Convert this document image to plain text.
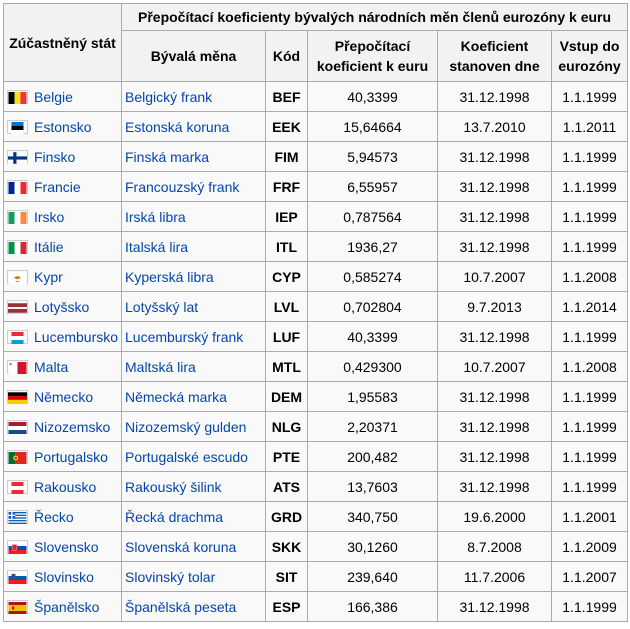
Zúčastněný stát	Přepočítací koeficienty bývalých národních měn členů eurozóny k euru				
	Bývalá měna	Kód	Přepočítací koeficient k euru	Koeficient stanoven dne	Vstup do eurozóny
Belgie	Belgický frank	BEF	40,3399	31.12.1998	1.1.1999
Estonsko	Estonská koruna	EEK	15,64664	13.7.2010	1.1.2011
Finsko	Finská marka	FIM	5,94573	31.12.1998	1.1.1999
Francie	Francouzský frank	FRF	6,55957	31.12.1998	1.1.1999
Irsko	Irská libra	IEP	0,787564	31.12.1998	1.1.1999
Itálie	Italská lira	ITL	1936,27	31.12.1998	1.1.1999
Kypr	Kyperská libra	CYP	0,585274	10.7.2007	1.1.2008
Lotyšsko	Lotyšský lat	LVL	0,702804	9.7.2013	1.1.2014
Lucembursko	Lucemburský frank	LUF	40,3399	31.12.1998	1.1.1999
Malta	Maltská lira	MTL	0,429300	10.7.2007	1.1.2008
Německo	Německá marka	DEM	1,95583	31.12.1998	1.1.1999
Nizozemsko	Nizozemský gulden	NLG	2,20371	31.12.1998	1.1.1999
Portugalsko	Portugalské escudo	PTE	200,482	31.12.1998	1.1.1999
Rakousko	Rakouský šilink	ATS	13,7603	31.12.1998	1.1.1999
Řecko	Řecká drachma	GRD	340,750	19.6.2000	1.1.2001
Slovensko	Slovenská koruna	SKK	30,1260	8.7.2008	1.1.2009
Slovinsko	Slovinský tolar	SIT	239,640	11.7.2006	1.1.2007
Španělsko	Španělská peseta	ESP	166,386	31.12.1998	1.1.1999
